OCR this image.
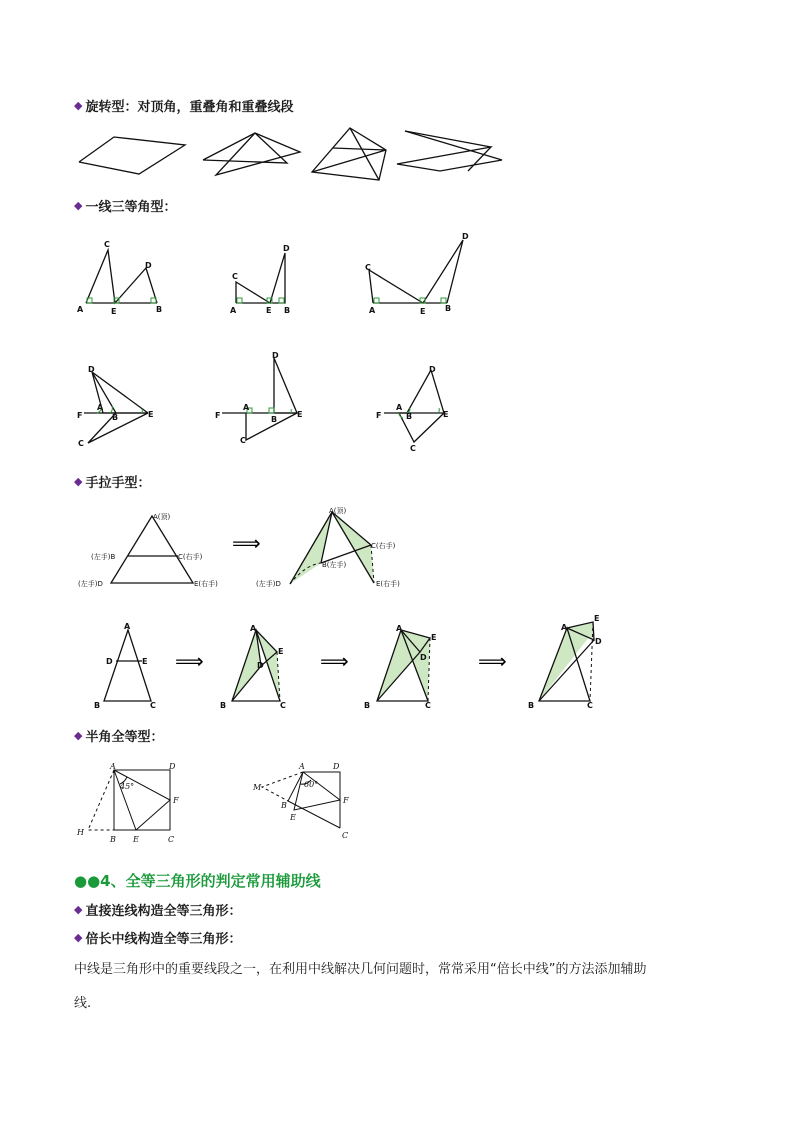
◆ 旋转型：对顶角，重叠角和重叠线段
◆ 一线三等角型：
◆ 手拉手型：
◆ 半角全等型：
●●4、全等三角形的判定常用辅助线
◆ 直接连线构造全等三角形：
◆ 倍长中线构造全等三角形：
中线是三角形中的重要线段之一，在利用中线解决几何问题时，常常采用“倍长中线”的方法添加辅助
线.
C
D
A	E	B
C
D
A	E B
C
D
A	E B
D
F
A
B	E
C
D
F
A
B
E
C
D
F
A
B	E
C
A(顶)
(左手)B	C(右手)
(左手)D	E(右手)
⟹
A(顶)
C(右手)
B(左手)
(左手)D	E(右手)
A
D	E
B	C
⟹
A
D
E
B	C
⟹
A
D
E
B	C
⟹
A
D
E
B	C
A	D
F
45°
H
B E	C
A	D
F
60°
M
B
E
C
